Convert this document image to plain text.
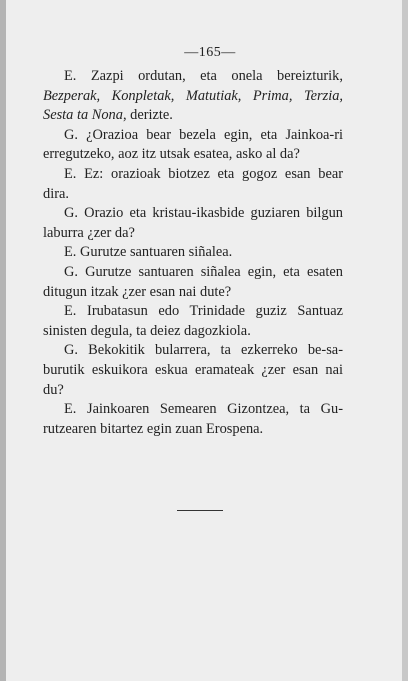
—165—

E. Zazpi ordutan, eta onela bereizturik, Bezperak, Konpletak, Matutiak, Prima, Terzia, Sesta ta Nona, derizte.

G. ¿Orazioa bear bezela egin, eta Jainkoa-ri erregutzeko, aoz itz utsak esatea, asko al da?

E. Ez: orazioak biotzez eta gogoz esan bear dira.

G. Orazio eta kristau-ikasbide guziaren bilgun laburra ¿zer da?

E. Gurutze santuaren siñalea.

G. Gurutze santuaren siñalea egin, eta esaten ditugun itzak ¿zer esan nai dute?

E. Irubatasun edo Trinidade guziz Santuaz sinisten degula, ta deiez dagozkiola.

G. Bekokitik bularrera, ta ezkerreko be-sa-burutik eskuikora eskua eramateak ¿zer esan nai du?

E. Jainkoaren Semearen Gizontzea, ta Gu-rutzearen bitartez egin zuan Erospena.
